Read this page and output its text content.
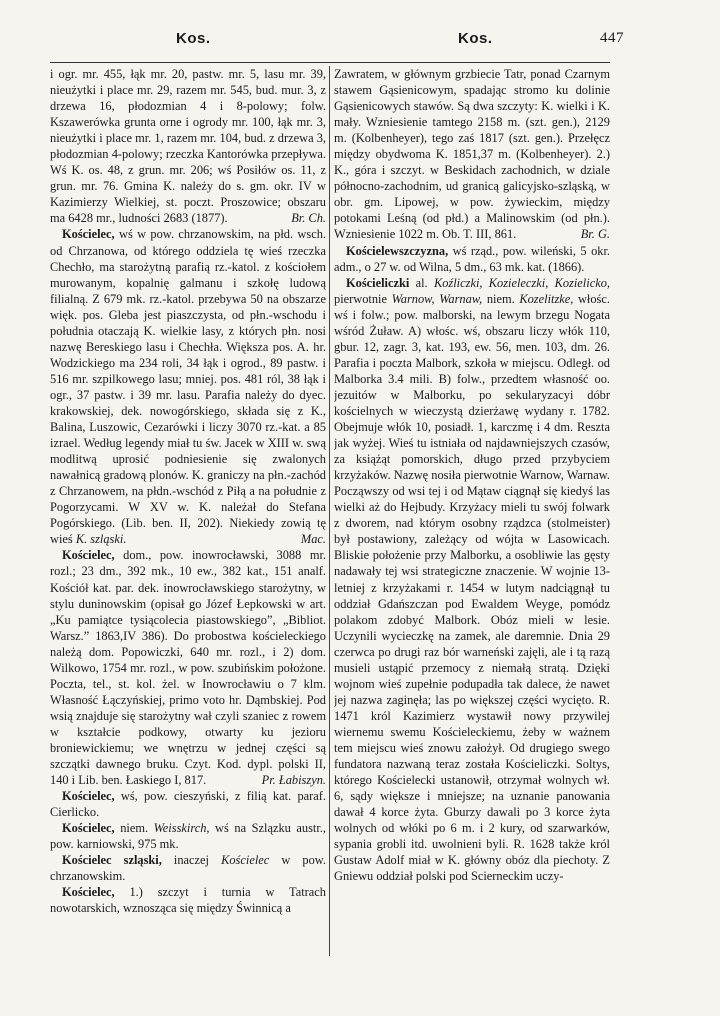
Kos.	Kos.	447

i ogr. mr. 455, łąk mr. 20, pastw. mr. 5, lasu mr. 39, nieużytki i place mr. 29, razem mr. 545, bud. mur. 3, z drzewa 16, płodozmian 4 i 8-polowy; folw. Kszawerówka grunta orne i ogrody mr. 100, łąk mr. 3, nieużytki i place mr. 1, razem mr. 104, bud. z drzewa 3, płodozmian 4-polowy; rzeczka Kantorówka przepływa. Wś K. os. 48, z grun. mr. 206; wś Posiłów os. 11, z grun. mr. 76. Gmina K. należy do s. gm. okr. IV w Kazimierzy Wielkiej, st. poczt. Proszowice; obszaru ma 6428 mr., ludności 2683 (1877).	Br. Ch.

Kościelec, wś w pow. chrzanowskim, na płd. wsch. od Chrzanowa, od którego oddziela tę wieś rzeczka Chechło, ma starożytną parafią rz.-katol. z kościołem murowanym, kopalnię galmanu i szkołę ludową filialną. Z 679 mk. rz.-katol. przebywa 50 na obszarze więk. pos. Gleba jest piaszczysta, od płn.-wschodu i południa otaczają K. wielkie lasy, z których płn. nosi nazwę Bereskiego lasu i Chechła. Większa pos. A. hr. Wodzickiego ma 234 roli, 34 łąk i ogrod., 89 pastw. i 516 mr. szpilkowego lasu; mniej. pos. 481 ról, 38 łąk i ogr., 37 pastw. i 39 mr. lasu. Parafia należy do dyec. krakowskiej, dek. nowogórskiego, składa się z K., Balina, Luszowic, Cezarówki i liczy 3070 rz.-kat. a 85 izrael. Według legendy miał tu św. Jacek w XIII w. swą modlitwą uprosić podniesienie się zwalonych nawałnicą gradową plonów. K. graniczy na płn.-zachód z Chrzanowem, na płdn.-wschód z Piłą a na południe z Pogorzycami. W XV w. K. należał do Stefana Pogórskiego. (Lib. ben. II, 202). Niekiedy zowią tę wieś K. szląski.	Mac.

Kościelec, dom., pow. inowrocławski, 3088 mr. rozl.; 23 dm., 392 mk., 10 ew., 382 kat., 151 analf. Kościół kat. par. dek. inowrocławskiego starożytny, w stylu duninowskim (opisał go Józef Łepkowski w art. „Ku pamiątce tysiącolecia piastowskiego”, „Bibliot. Warsz.” 1863,IV 386). Do probostwa kościeleckiego należą dom. Popowiczki, 640 mr. rozl., i 2) dom. Wilkowo, 1754 mr. rozl., w pow. szubińskim położone. Poczta, tel., st. kol. żel. w Inowrocławiu o 7 klm. Własność Łączyńskiej, primo voto hr. Dąmbskiej. Pod wsią znajduje się starożytny wał czyli szaniec z rowem w kształcie podkowy, otwarty ku jezioru broniewickiemu; we wnętrzu w jednej części są szczątki dawnego bruku. Czyt. Kod. dypl. polski II, 140 i Lib. ben. Łaskiego I, 817.	Pr. Łabiszyn.

Kościelec, wś, pow. cieszyński, z filią kat. paraf. Cierlicko.

Kościelec, niem. Weisskirch, wś na Szlązku austr., pow. karniowski, 975 mk.

Kościelec szląski, inaczej Kościelec w pow. chrzanowskim.

Kościelec, 1.) szczyt i turnia w Tatrach nowotarskich, wznosząca się między Świnnicą a

Zawratem, w głównym grzbiecie Tatr, ponad Czarnym stawem Gąsienicowym, spadając stromo ku dolinie Gąsienicowych stawów. Są dwa szczyty: K. wielki i K. mały. Wzniesienie tamtego 2158 m. (szt. gen.), 2129 m. (Kolbenheyer), tego zaś 1817 (szt. gen.). Przełęcz między obydwoma K. 1851,37 m. (Kolbenheyer). 2.) K., góra i szczyt. w Beskidach zachodnich, w dziale północno-zachodnim, ud granicą galicyjsko-szląską, w obr. gm. Lipowej, w pow. żywieckim, między potokami Leśną (od płd.) a Malinowskim (od płn.). Wzniesienie 1022 m. Ob. T. III, 861.	Br. G.

Kościelewszczyzna, wś rząd., pow. wileński, 5 okr. adm., o 27 w. od Wilna, 5 dm., 63 mk. kat. (1866).

Kościeliczki al. Koźliczki, Kozieleczki, Kozielicko, pierwotnie Warnow, Warnaw, niem. Kozelitzke, włośc. wś i folw.; pow. malborski, na lewym brzegu Nogata wśród Żuław. A) włośc. wś, obszaru liczy włók 110, gbur. 12, zagr. 3, kat. 193, ew. 56, men. 103, dm. 26. Parafia i poczta Malbork, szkoła w miejscu. Odległ. od Malborka 3.4 mili. B) folw., przedtem własność oo. jezuitów w Malborku, po sekularyzacyi dóbr kościelnych w wieczystą dzierżawę wydany r. 1782. Obejmuje włók 10, posiadł. 1, karczmę i 4 dm. Reszta jak wyżej. Wieś tu istniała od najdawniejszych czasów, za książąt pomorskich, długo przed przybyciem krzyżaków. Nazwę nosiła pierwotnie Warnow, Warnaw. Począwszy od wsi tej i od Mątaw ciągnął się kiedyś las wielki aż do Hejbudy. Krzyżacy mieli tu swój folwark z dworem, nad którym osobny rządzca (stolmeister) był postawiony, zależący od wójta w Lasowicach. Bliskie położenie przy Malborku, a osobliwie las gęsty nadawały tej wsi strategiczne znaczenie. W wojnie 13-letniej z krzyżakami r. 1454 w lutym nadciągnął tu oddział Gdańszczan pod Ewaldem Weyge, pomódz polakom zdobyć Malbork. Obóz mieli w lesie. Uczynili wycieczkę na zamek, ale daremnie. Dnia 29 czerwca po drugi raz bór warneński zajęli, ale i tą razą musieli ustąpić przemocy z niemałą stratą. Dzięki wojnom wieś zupełnie podupadła tak dalece, że nawet jej nazwa zaginęła; las po większej części wycięto. R. 1471 król Kazimierz wystawił nowy przywilej wiernemu swemu Kościeleckiemu, żeby w ważnem tem miejscu wieś znowu założył. Od drugiego swego fundatora nazwaną teraz została Kościeliczki. Soltys, którego Kościelecki ustanowił, otrzymał wolnych wł. 6, sądy większe i mniejsze; na uznanie panowania dawał 4 korce żyta. Gburzy dawali po 3 korce żyta wolnych od włóki po 6 m. i 2 kury, od szarwarków, sypania grobli itd. uwolnieni byli. R. 1628 także król Gustaw Adolf miał w K. główny obóz dla piechoty. Z Gniewu oddział polski pod Scierneckim uczy-
